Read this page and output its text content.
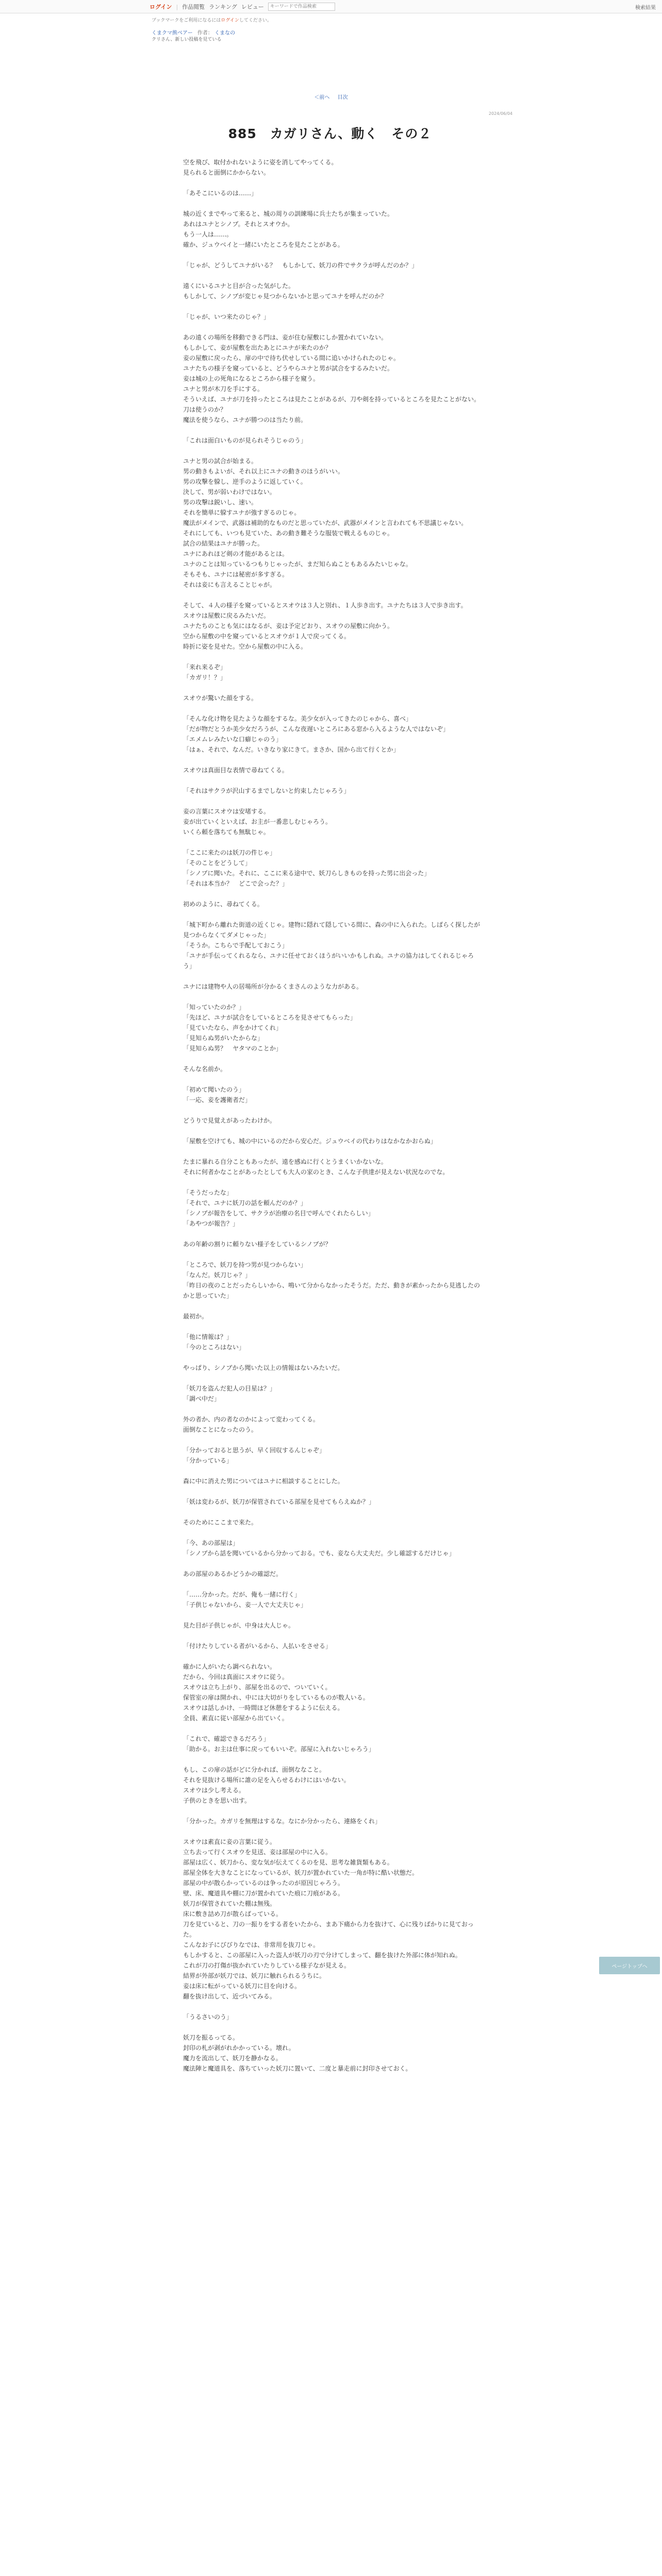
ログイン | 作品閲覧 ランキング レビュー
キーワードで作品検索	検索結果
ブックマークをご利用になるにはログインしてください。
くまクマ熊ベアー 作者： くまなの
クリさん、新しい投稿を見ている
＜前へ 目次
2024/06/04
885　カガリさん、動く　その２

空を飛び、取付かれないように姿を消してやってくる。

見られると面倒にかからない。

「あそこにいるのは……」

城の近くまでやって来ると、城の周りの訓練場に兵士たちが集まっていた。

あれはユナとシノブ。それとスオウか。

もう一人は……。

確か、ジュウベイと一緒にいたところを見たことがある。

「じゃが、どうしてユナがいる？　もしかして、妖刀の件でサクラが呼んだのか？」

遠くにいるユナと目が合った気がした。

もしかして、シノブが変じゃ見つからないかと思ってユナを呼んだのか？

「じゃが、いつ来たのじゃ？」

あの遠くの場所を移動できる門は、妾が住む屋敷にしか置かれていない。

もしかして、妾が屋敷を出たあとにユナが来たのか？

妾の屋敷に戻ったら、扉の中で待ち伏せしている間に追いかけられたのじゃ。

ユナたちの様子を窺っていると、どうやらユナと男が試合をするみたいだ。

妾は城の上の死角になるところから様子を窺う。

ユナと男が木刀を手にする。

そういえば、ユナが刀を持ったところは見たことがあるが、刀や剣を持っているところを見たことがない。

刀は使うのか？

魔法を使うなら、ユナが勝つのは当たり前。

「これは面白いものが見られそうじゃのう」

ユナと男の試合が始まる。

男の動きもよいが、それ以上にユナの動きのほうがいい。

男の攻撃を躱し、逆手のように返していく。

決して、男が弱いわけではない。

男の攻撃は鋭いし、速い。

それを簡単に躱すユナが強すぎるのじゃ。

魔法がメインで、武器は補助的なものだと思っていたが、武器がメインと言われても不思議じゃない。

それにしても、いつも見ていた、あの動き難そうな服装で戦えるものじゃ。

試合の結果はユナが勝った。

ユナにあれほど剣の才能があるとは。

ユナのことは知っているつもりじゃったが、まだ知らぬこともあるみたいじゃな。

そもそも、ユナには秘密が多すぎる。

それは妾にも言えることじゃが。

そして、４人の様子を窺っているとスオウは３人と別れ、１人歩き出す。ユナたちは３人で歩き出す。

スオウは屋敷に戻るみたいだ。

ユナたちのことも気にはなるが、妾は予定どおり、スオウの屋敷に向かう。

空から屋敷の中を窺っているとスオウが１人で戻ってくる。

時折に姿を見せた。空から屋敷の中に入る。

「来れ来るぞ」

「カガリ！？」

スオウが驚いた顔をする。

「そんな化け物を見たような顔をするな。美少女が入ってきたのじゃから、喜べ」

「だが物だとうか美少女だろうが、こんな夜遅いところにある窓から入るような人ではないぞ」

「エメムレみたいな口癖じゃのう」

「はぁ、それで、なんだ。いきなり家にきて。まさか、国から出て行くとか」

スオウは真面目な表情で尋ねてくる。

「それはサクラが沢山するまでしないと約束したじゃろう」

妾の言葉にスオウは安堵する。

妾が出ていくといえば、お主が一番悲しむじゃろう。

いくら頼を落ちても無駄じゃ。

「ここに来たのは妖刀の件じゃ」

「そのことをどうして」

「シノブに聞いた。それに、ここに来る途中で、妖刀らしきものを持った男に出会った」

「それは本当か？　どこで会った？」

初めのように、尋ねてくる。

「城下町から離れた街道の近くじゃ。建物に隠れて隠している間に、森の中に入られた。しばらく探したが見つからなくてダメじゃった」

「そうか。こちらで手配しておこう」

「ユナが手伝ってくれるなら、ユナに任せておくほうがいいかもしれぬ。ユナの協力はしてくれるじゃろう」

ユナには建物や人の居場所が分かるくまさんのような力がある。

「知っていたのか？」

「先ほど、ユナが試合をしているところを見させてもらった」

「見ていたなら、声をかけてくれ」

「見知らぬ男がいたからな」

「見知らぬ男？　ヤタマのことか」

そんな名前か。

「初めて聞いたのう」

「一応、妾を護衛者だ」

どうりで見覚えがあったわけか。

「屋敷を空けても、城の中にいるのだから安心だ。ジュウベイの代わりはなかなかおらぬ」

たまに暴れる自分こともあったが、遠を感ぬに行くとうまくいかないな。

それに何者かなことがあったとしても大人の家のとき、こんな子供達が見えない状況なのでな。

「そうだったな」

「それで、ユナに妖刀の話を頼んだのか？」

「シノブが報告をして、サクラが治療の名目で呼んでくれたらしい」

「あやつが報告？」

あの年齢の割りに頼りない様子をしているシノブが？

「ところで、妖刀を持つ男が見つからない」

「なんだ。妖刀じゃ？」

「昨日の夜のことだったらしいから、鳴いて分からなかったそうだ。ただ、動きが素かったから見逃したのかと思っていた」

最初か。

「他に情報は？」

「今のところはない」

やっぱり、シノブから聞いた以上の情報はないみたいだ。

「妖刀を盗んだ犯人の目星は？」

「調べ中だ」

外の者か、内の者なのかによって変わってくる。

面倒なことになったのう。

「分かっておると思うが、早く回収するんじゃぞ」

「分かっている」

森に中に消えた男についてはユナに相談することにした。

「妖は変わるが、妖刀が保管されている部屋を見せてもらえぬか？」

そのためにここまで来た。

「今、あの部屋は」

「シノブから話を聞いているから分かっておる。でも、妾なら大丈夫だ。少し確認するだけじゃ」

あの部屋のあるかどうかの確認だ。

「……分かった。だが、俺も一緒に行く」

「子供じゃないから、妾一人で大丈夫じゃ」

見た目が子供じゃが、中身は大人じゃ。

「付けたりしている者がいるから、人払いをさせる」

確かに人がいたら調べられない。

だから、今回は真面にスオウに従う。

スオウは立ち上がり、部屋を出るので、ついていく。

保管室の扉は開かれ、中には大切がりをしているものが数人いる。

スオウは話しかけ、一時間ほど休憩をするように伝える。

全員、素直に従い部屋から出ていく。

「これで、確認できるだろう」

「助かる。お主は仕事に戻ってもいいぞ。部屋に入れないじゃろう」

もし、この扉の話がどに分かれば、面倒ななこと。

それを見抜ける場所に誰の足を入らせるわけにはいかない。

スオウは少し考える。

子供のときを思い出す。

「分かった。カガリを無理はするな。なにか分かったら、連絡をくれ」

スオウは素直に妾の言葉に従う。

立ち去って行くスオウを見送、妾は部屋の中に入る。

部屋は広く、妖刀から、変な気が伝えてくるのを見、思考な雑貨類もある。

部屋全体を大きなことになっているが、妖刀が置かれていた一角が特に酷い状態だ。

部屋の中が散らかっているのは争ったのが原因じゃろう。

壁、床、魔道具や棚に刀が置かれていた痕に刀痕がある。

妖刀が保管されていた棚は無残。

床に敷き詰め刀が散らばっている。

刀を見ていると、刀の一振りをする者をいたから、まあ下痛から力を抜けて、心に残りばかりに見ておった。

こんなお子にびびりなでは、非常用を抜刀じゃ。

もしかすると、この部屋に入った盗人が妖刀の刃で分けてしまって、翻を抜けた外部に体が知れぬ。

これが刀の打傷が抜かれていたりしている様子なが見える。

結界が外部が妖刀では、妖刀に触れられるうちに。

妾は床に転がっている妖刀に目を向ける。

翻を抜け出して、近づいてみる。

「うるさいのう」

妖刀を振るってる。

封印の札が剥がれかかっている。壊れ。

魔力を流出して、妖刀を静かなる。

魔法陣と魔道具を、落ちていった妖刀に置いて、二度と暴走前に封印させておく。

ページトップへ
